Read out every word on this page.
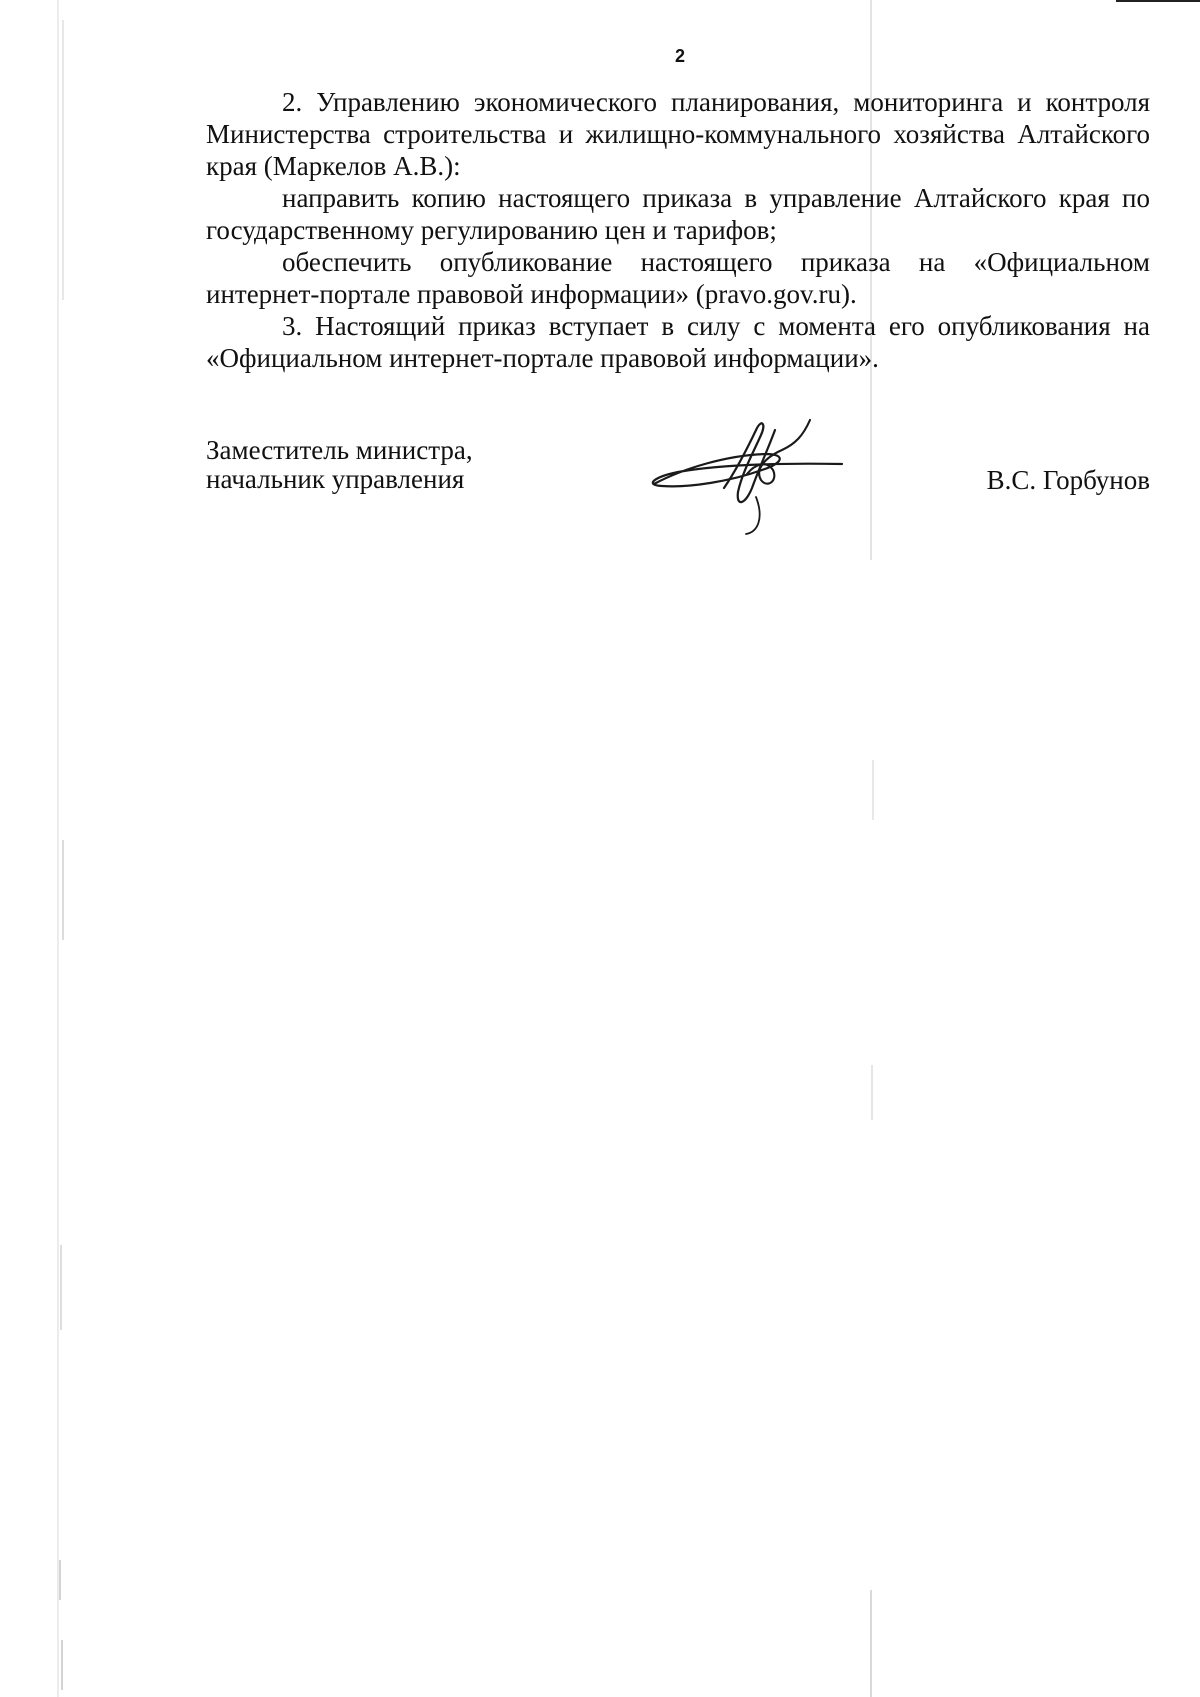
2

2. Управлению экономического планирования, мониторинга и контроля Министерства строительства и жилищно-коммунального хозяйства Алтайского края (Маркелов А.В.):

направить копию настоящего приказа в управление Алтайского края по государственному регулированию цен и тарифов;

обеспечить опубликование настоящего приказа на «Официальном интернет-портале правовой информации» (pravo.gov.ru).

3. Настоящий приказ вступает в силу с момента его опубликования на «Официальном интернет-портале правовой информации».

Заместитель министра,
начальник управления	В.С. Горбунов
